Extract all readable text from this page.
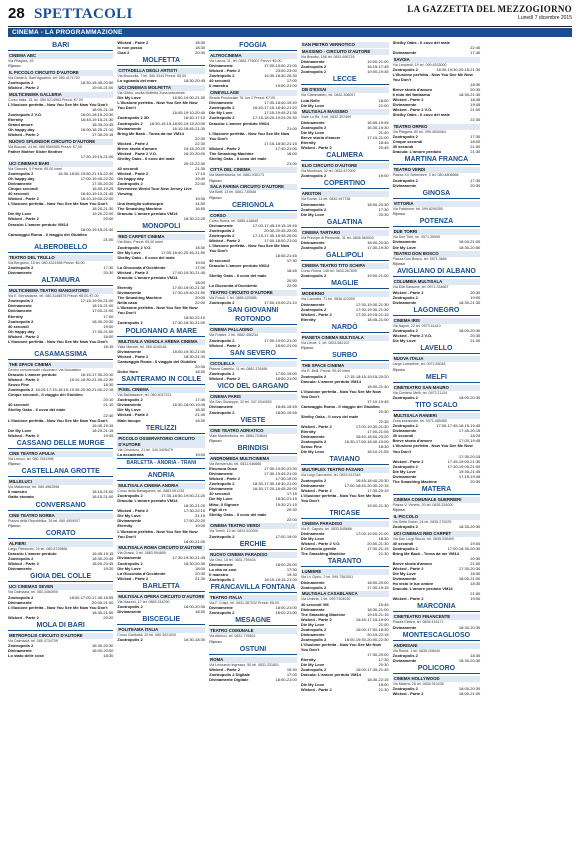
28 SPETTACOLI	LA GAZZETTA DEL MEZZOGIORNO
Lunedì 7 dicembre 2015
CINEMA - LA PROGRAMMAZIONE
BARI
CINEMA ABC
Via Pitagora, 45
Riposo
IL PICCOLO CIRCUITO D'AUTORE
Via Dante A. Sant'Agostino, tel. 080.4171700
Zootropolis 2	16:30-18:45-20:50
Wicked - Parte 2	19:00-21:00
MULTICINEMA GALLERIA
Corso Italia, 15, tel. 080.5214563 Prezzi: €7,00
L'illusione perfetta - Now You See Me Now You Don't
18:00-21:15
Zootropolis 2 V.O.	16:00-18:15-20:30
Eternity	16:45-19:15-21:30
Grand amore	18:30-20:45
Oh happy day	16:00-18:25-21:10
Wicked - Parte 2	17:30-20:15
NUOVO SPLENDOR CIRCUITO D'AUTORE
Via Buccari, 24 tel. 080.5560900 Prezzi: €7,00
Father Mother Sister Brother
17:30-19:15-21:00
UCI CINEMAS BARI
Via Giannini, 9 Prezzi: €9,00 interi
Zootropolis 2	16:30-18:00-19:50-21:15-22:40
Oh happy day	17:00-19:40-22:20
Divinamente	17:30-20:20
Cinque secondi	16:50-19:25
40 secondi	16:40-19:10-21:45
Wicked - Parte 2	16:10-19:00-22:00
L'illusione perfetta - Now You See Me Now You Don't
18:20-21:30
Die My Love	19:20-22:00
Wicked - Parte 2	20:00
Dracula: L'amore perduto VM14
18:00-19:15-21:40
Caravaggio Roma - Il viaggio del Giubileo
21:00
ALBEROBELLO
TEATRO DEL TRULLO
Via Bergamo, 16 tel. 080.4321958 Prezzi: €6,00
Zootropolis 2	17:30
Divinamente	20:30
ALTAMURA
MULTICINEMA TEATRO MANGIATORDI
Via E. Mercadante, tel. 080.3148575 Prezzi: €6,00-€7,00
Zootropolis 2	17:15-19:00-21:00
Divinamente	18:15-21:00
Divinamente	17:00-21:00
Eternity	17:00
Zootropolis 2	18:30-20:30
40 secondi	19:00
Oh happy day	17:30-21:00
Wicked - Parte 2	18:00
L'illusione perfetta - Now You See Me Now You Don't
18:15
CASAMASSIMA
THE SPACE CINEMA
Centro commerciale «Auchan» Via Noicattaro
Dracula: L'amore perduto	16:15-17:30-20:10
Wicked - Parte 2	16:10-18:30-21:30-22:30
Sesso Fine	18:30
Zootropolis 2 16:25-17:15-18:15-19:35-20:30-21:00-22:15
Cinque secondi - Il viaggio del Giubileo
20:10
40 secondi	21:10
Shelby Oaks - Il covo del male
22:40
L'illusione perfetta - Now You See Me Now You Don't
16:40-19:15
Die My Love	18:20-21:15
Wicked - Parte 2	19:45
CASSANO DELLE MURGE
CINE TEATRO APULIA
Via Lenoci, tel. 080.7641998
Riposo
CASTELLANA GROTTE
MILLELUCI
Via Matarrese, tel. 080.4962598
Il maestro	18:15-21:00
Gatto stonato	18:15-21:00
CONVERSANO
CINE TEATRO NORBA
Piazza della Repubblica, 26 tel. 080.4959007
Riposo
CORATO
ALFIERI
Largo Plebiscito, 24 tel. 080.8729866
Dracula: L'amore perduto	16:45-19:15
Zootropolis 2	18:30-20:45
Wicked - Parte 2	18:00-20:45
Divinamente	19:20
GIOIA DEL COLLE
UCI CINEMAS SEVEN
Via Dalmazia, tel. 080.3484900
Zootropolis 2	18:00-17:00-17:45-18:55
Divinamente	20:00-21:00
L'illusione perfetta - Now You See Me Now You Don't
18:40-21:50
Wicked - Parte 2	20:20
MOLA DI BARI
METROPOLIS CIRCUITO D'AUTORE
Via Dalmazia, tel. 080.4734709
Zootropolis 2	18:30-20:30
Divinamente	18:00-20:00
Lo stato delle cose	18:30
Wicked - Parte 2	18:30
Io non posso	18:30
Ciao 2	20:30
MOLFETTA
CITTADELLA DEGLI ARTISTI
Via Bruscella, 7 tel. 080.3344 Prezzi: €5,00
Lo sguardo del mare	18:30-20:45
UCI CINEMAS MOLFETTA
Via Gibbo, uscita Molfetta Zona industriale
Die My Love	16:50-19:00-21:30
L'illusione perfetta - Now You See Me Now You Don't
16:45-19:10-20:40
Zootropolis 2 3D	16:40-17:10
Zootropolis 2	16:30-15:15-18:00-19:15-20:00
Divinamente	16:10-18:45-21:30
Bring Me Back - Torna da me VM14
22:30
Wicked - Parte 2	22:30
Breve storia d'amore	19:15-20:20
Wicked - Parte 2 V.O.	16:20-20:00
Shelby Oaks - Il covo del male
20:15-22:30
40 secondi	21:30
Wicked - Parte 2	17:10
Oh happy day	19:40
Zootropolis 2	22:00
Seventeen World Tour New Jersey Live Viewing
19:30
Una famiglia sottosopra	14:50
The Smashing Machine	16:50
Dracula: L'amore perduto VM14
18:30-22:20
MONOPOLI
RED CARPET CINEMA
Via Bixio, Prezzi: €5,00 interi
Zootropolis 2 V.O.	18:30
Die My Love	17:00-18:40-20:45-21:50
Shelby Oaks - Il covo del male
19:00
La Gioconda d'Occidente	17:00
Wicked - Parte 2	17:00-19:30-21:40
Dracula: L'amore perduto VM14
18:00
Eternity	17:00-19:00-21:30
Divinamente	17:30-19:40-21:50
The Smashing Machine	20:00
Nella casa	22:00
L'illusione perfetta - Now You See Me Now You Don't
18:50-22:10
Zootropolis 2	17:30-18:30-21:00
POLIGNANO A MARE
MULTISALA VIGNOLA ARENA CINEMA
Viale Mendel, tel. 080.4240181
Divinamente	18:00-19:30-21:00
Wicked - Parte 2	18:30-21:30
Caravaggio Roma - Il viaggio del Giubileo
20:30
Dolce fiore	18:30
SANTERAMO IN COLLE
PIXEL CINEMA
Via Baldassarre, tel. 080.3027221
Zootropolis 2	17:40
Divinamente	16:30-18:00-19:45
Die My Love	18:30
Wicked - Parte 2	21:40
Main Iacopo	18:30
TERLIZZI
PICCOLO OSSERVATORIO CIRCUITO D'AUTORE
Via Cristoforo, 21 tel. 340.3426479
La accademia	19:00
BARLETTA - ANDRIA - TRANI
ANDRIA
MULTISALA CINEMA ANDRIA
Corso della Barlaguerra, tel. 0883.591234
Zootropolis 2	17:30-18:50-19:50-21:20
Dracula: L'amore perduto VM14
18:30-21:20
Wicked - Parte 2	17:30-22:15
Die My Love	21:15
Divinamente	17:50-20:20
Eternity	19:00
L'illusione perfetta - Now You See Me Now You Don't
18:00-21:00
MULTISALA ROMA CIRCUITO D'AUTORE
Via Grassi, 3 tel. 0883.594895
Divinamente	17:30-19:30-21:45
Zootropolis 2	18:30-20:30
Die My Love	18:00
La Gioconda d'Occidente	20:30
Wicked - Parte 2	21:30
BARLETTA
MULTISALA OPERA CIRCUITO D'AUTORE
Via Mazzini, 17 tel. 0883.314290
Zootropolis 2	18:00-20:30
Divinamente	18:30
BISCEGLIE
POLITEAMA ITALIA
Corso Garibaldi, 29 tel. 080.3921000
Zootropolis 2	16:30-18:30
FOGGIA
ALTROCINEMA
Via Lanza, 11, tel. 0881.776007 Prezzi: €6,00
Divinamente	17:00-19:00-21:00
Wicked - Parte 2	23:00-23:00
Zootropolis 2	16:30-18:30-20:30
40 secondi	17:00
Il maestro	19:00-21:00
CINEVILLAGE
Strada Provinciale 76, km 2 Prezzi: €7,00
Divinamente	17:30-18:40-19:40
Zootropolis 2	16:40-17:15-18:40-21:20
Die My Love	17:15-19:45-21:35
Zootropolis 2	17:15-18:20-19:25-20:30
Dracula: L'amore perduto VM14
21:00
L'illusione perfetta - Now You See Me Now You Don't
17:15-18:30-21:15
Wicked - Parte 2	17:40-21:00
The Smashing Machine	18:00
Shelby Oaks - Il covo del male
21:00
CITTÀ DEL CINEMA
Via Manfredonia, tel. 0881.930173
Riposo
SALA FARINA CIRCUITO D'AUTORE
Via Baffi, 13 tel. 0881.735848
Riposo
CERIGNOLA
CORSO
Corso Roma, tel. 0885.418845
Divinamente	17:00-17:45-19:15-19:45
Zootropolis 2	20:30-20:45-22:00
Zootropolis 2	17:15-17:45-18:45-20:00
Wicked - Parte 2	17:00-18:00-21:00
L'illusione perfetta - Now You See Me Now You Don't
18:45-21:45
40 secondi	17:30
Dracula: L'amore perduto VM14
18:45
Shelby Oaks - Il covo del male
20:50
La Gioconda d'Occidente	22:00
TEATRO CIRCUITO D'AUTORE
Via Frisoli, 1 tel. 0885.420985
Zootropolis 2	17:00-19:00-21:10
SAN GIOVANNI ROTONDO
CINEMA PALLADINO
Via Frattini, 2 tel. 0882.456234
Zootropolis 2	17:00-19:00-21:00
Wicked - Parte 2	18:00-21:00
SAN SEVERO
CICOLELLA
Piazza Castello, 11 tel. 0882.376486
Zootropolis 2	17:00-19:00
Wicked - Parte 2	18:00-21:00
VICO DEL GARGANO
CINEMA PARIS
Via San Giuseppe, 32 tel. 347.9344052
Divinamente	18:45-19:45
Zootropolis 2	18:30-19:55
VIESTE
CINE TEATRO ADRIATICO
Viale Manfredonia, tel. 0884.704844
Riposo
BRINDISI
ANDROMEDA MULTICINEMA
Via Benvenuto, tel. 0831.546666
Eleonora Duse	17:30-19:30-21:30
Divinamente	17:30-19:45-21:00
Wicked - Parte 2	17:30-19:00
Zootropolis 2	18:30-17:30-18:30-21:00
Divinamente	16:30-17:20-18:45-20:00
40 secondi	17:15
Die My Love	18:30-21:15
Mino, Il Signore	19:30-21:15
Figli di re	20:30
Shelby Oaks - Il covo del male
22:00
CINEMA TEATRO VERDI
Via Torelli, 10 tel. 0831.520000
Zootropolis 2	17:00-19:00
ERCHIE
NUOVO CINEMA PARADISO
Via Orsi, 15 tel. 0831.759434
Divinamente	18:00-20:00
La vita va così	17:30
Il maestro	19:30
Zootropolis 2	18:15-18:15-21:00
FRANCAVILLA FONTANA
TEATRO ITALIA
Via F. Crispi, tel. 0831.387032 Prezzi: €6,00
Divinamente	18:00-21:00
Zootropolis 2	18:00-21:00
MESAGNE
TEATRO COMUNALE
Via Albricci, tel. 0831.776803
Riposo
OSTUNI
ROMA
Via Leonardo Ingresso, 50 tel. 0831.331801
Wicked - Parte 2	19:30
Zootropolis 2 Digitale	17:00
Divinamente Digitale	18:00-21:00
SAN PIETRO VERNOTICO
MASSIMO - CIRCUITO D'AUTORE
Via Brindisi, 158 tel. 0831.656718
Divinamente	19:00-21:00
Zootropolis 2	16:15-17:45
Zootropolis 2	19:00-19:45
LECCE
DB D'ESSAI
Via Giammatteo, tel. 0832.308057
Lola Nelle	18:00
Die My Love	21:00
MULTISALA MASSIMO
Viale Lo Re, 3 tel. 0832.307499
Divinamente	16:45-19:45
Zootropolis 2	16:30-19:30
Die My Love	21:40
Breve storia d'amore	17:15-21:00
Eternity	18:45
Wicked - Parte 2	20:45
CALIMERA
ELIO CIRCUITO D'AUTORE
Via Montinari, 32 tel. 0832.872009
Zootropolis 2	19:00
COPERTINO
ARISTON
Via Roma, 14 tel. 0832.947738
Divinamente	18:00-20:30
Zootropolis 2	17:30
Die My Love	20:30
GALATINA
CINEMA TARTARO
Via Principe di Piemonte, 31 tel. 0836.569003
Divinamente	18:00-20:30
Zootropolis 2	17:30-19:30
GALLIPOLI
CINEMA TEATRO TITO SCHIPA
Corso Roma, 146 tel. 0833.267895
Zootropolis 2	19:00-21:00
MAGLIE
MODERNO
Via Cannella, 71 tel. 0836.423309
Divinamente	17:30-19:30-21:30
Zootropolis 2	17:30-19:30-21:30
Wicked - Parte 2	17:30-19:15-21:15
Eternity	18:45-21:00
NARDÒ
PIANETA CINEMA MULTISALA
Via Lecce, 1, tel. 0833.562102
Riposo
SURBO
THE SPACE CINEMA
Via R. Belli, Prezzi: €5,40 interi
Zootropolis 2	17:15-18:15-19:15-20:20
Dracula: L'amore perduto VM14
18:00-21:30
L'illusione perfetta - Now You See Me Now You Don't
17:10-19:45
Caravaggio Roma - Il viaggio del Giubileo
20:30
Shelby Oaks - Il covo del male
22:35
Wicked - Parte 2	17:00-19:30-21:30
Eternity	17:00-21:05
Divinamente	16:40-18:00-20:20
Zootropolis 2	16:30-17:50-18:40-19:00
Sesso Fine	18:30
Die My Love	18:10-21:55
TAVIANO
MULTIPLEX TEATRO FASANO
Via Luigi Carrozzini, tel. 0833.912345
Zootropolis 2	16:45-18:40-20:30
Divinamente	17:00-18:40-20:30-22:15
Wicked - Parte 2	17:30-20:15
L'illusione perfetta - Now You See Me Now You Don't
19:00-21:30
TRICASE
CINEMA PARADISO
Via R. Caputo, tel. 0833.545686
Divinamente	17:00-19:00-21:00
Die My Love	18:30
Wicked - Parte 2 V.O.	20:00-21:30
Il Cenacolo gentile	17:30-21:15
The Smashing Machine	21:30
TARANTO
LUMIERE
Via Lo Ciprio, 2 tel. 099.7362051
Divinamente	18:00-20:00
Zootropolis 2	17:30-19:15
MULTISALA CASABLANCA
Via Umbria, 1 tel. 099.7304030
40 secondi VM	15:45
Divinamente	18:30-21:00
The Smashing Machine	19:15-21:15
Wicked - Parte 2	16:45-17:15-19:00
Die My Love	21:00
Zootropolis 2	16:00-17:00-18:30
Divinamente	20:15-22:15
Zootropolis 2	18:00-19:30-20:00-22:30
L'illusione perfetta - Now You See Me Now You Don't
17:30-20:00
Eternity	17:30
Die My Love	20:30
Zootropolis 2	16:00-17:45-21:45
Dracula: L'amore perduto VM14
18:30-22:15
Die My Love	18:00
Wicked - Parte 2	21:30
Shelby Oaks - Il covo del male
22:40
Divinamente	17:40
SAVOIA
Via Leopardi, 19 tel. 099.4533000
Zootropolis 2	18:30-19:30-20:15-21:30
L'illusione perfetta - Now You See Me Now You Don't
18:30
Breve storia d'amore	20:30
Il nido del fantasma	18:30-21:30
Wicked - Parte 2	18:45
Divinamente	19:45
Wicked - Parte 2 V.O.	21:00
Shelby Oaks - Il covo del male
22:30
TEATRO ORFEO
Via Pitagora, 80 tel. 099.4530064
Zootropolis 2	17:30
Cinque secondi	18:00
40 secondi	21:00
Dracula: L'amore perduto	21:30
MARTINA FRANCA
TEATRO VERDI
Piazza XX Settembre, 3 tel. 080.4806666
Zootropolis 2	17:30
Divinamente	20:30
GINOSA
VITTORIA
Via Fabbrone, tel. 099.8290250
Riposo
POTENZA
DUE TORRI
Via Due Torri, tel. 0971.35995
Divinamente	18:00-21:00
Die My Love	18:30-20:50
TEATRO DON BOSCO
Piazza Don Bosco, tel. 0971.3680
Riposo
AVIGLIANO DI ALBANO
COLUMBIA MULTISALA
Via Elia Sassone, tel. 0971.334667
Wicked - Parte 2	20:30
Zootropolis 2	19:00
Divinamente	18:30-21:30
LAGONEGRO
CINEMA IRIS
Via Napoli, 22 tel. 0973.41410
Zootropolis 2	18:00-20:30
Wicked - Parte 2 V.O.	20:30
Die My Love	21:00
LAVELLO
NUOVA ITALIA
Largo Lamartine, tel. 0972.83048
Riposo
MELFI
CINETEATRO SAN MAURO
Via Cimitero Melfi, tel. 0972.21134
Zootropolis 2	18:00-20:30
TITO SCALO
MULTISALA RANIERI
Zona industriale, tel. 0971.485465
Zootropolis 2	17:00-17:45-18:15-19:45
Divinamente	17:45-20:15
40 secondi	18:25
Breve storia d'amore	17:00-19:45
L'illusione perfetta - Now You See Me Now You Don't
17:30-20:15
Wicked - Parte 2	17:45-19:00-21:30
Zootropolis 2	17:30-19:00-21:00
Die My Love	19:30-21:45
Divinamente	17:15-19:45
The Smashing Machine	20:30
MATERA
CINEMA COMUNALE GUERRIERI
Piazza V. Veneto, 20 tel. 0835.334000
Riposo
IL PICCOLO
Via Sette Dolori, 24 tel. 0835.270025
Zootropolis 2	18:30-20:30
UCI CINEMAS RED CARPET
Via Don Luigi Sturzo, tel. 0835.335400
40 secondi	19:00
Zootropolis 2	17:00-18:30-20:30
Bring Me Back - Torna da me VM14
20:30
Breve storia d'amore	21:00
Wicked - Parte 2	17:30-20:30
Die My Love	18:30
Divinamente	18:00-21:00
Ho visto le tue ombre	18:30
Dracula: L'amore perduto VM14
21:50
Wicked - Parte 2	19:00
MARCONIA
CINETEATRO FINANCENTE
Piazza Elettra, tel. 0835.416171
Divinamente	18:30-20:30
MONTESCAGLIOSO
ANDRISANI
Via Roma, 1 tel. 0835.208940
Zootropolis 2	18:30
Divinamente	18:30-20:30
POLICORO
CINEMA HOLLYWOOD
Via Matera, 26 tel. 0835.910438
Zootropolis 2	18:00-20:30
Wicked - Parte 2	18:00-21:00
